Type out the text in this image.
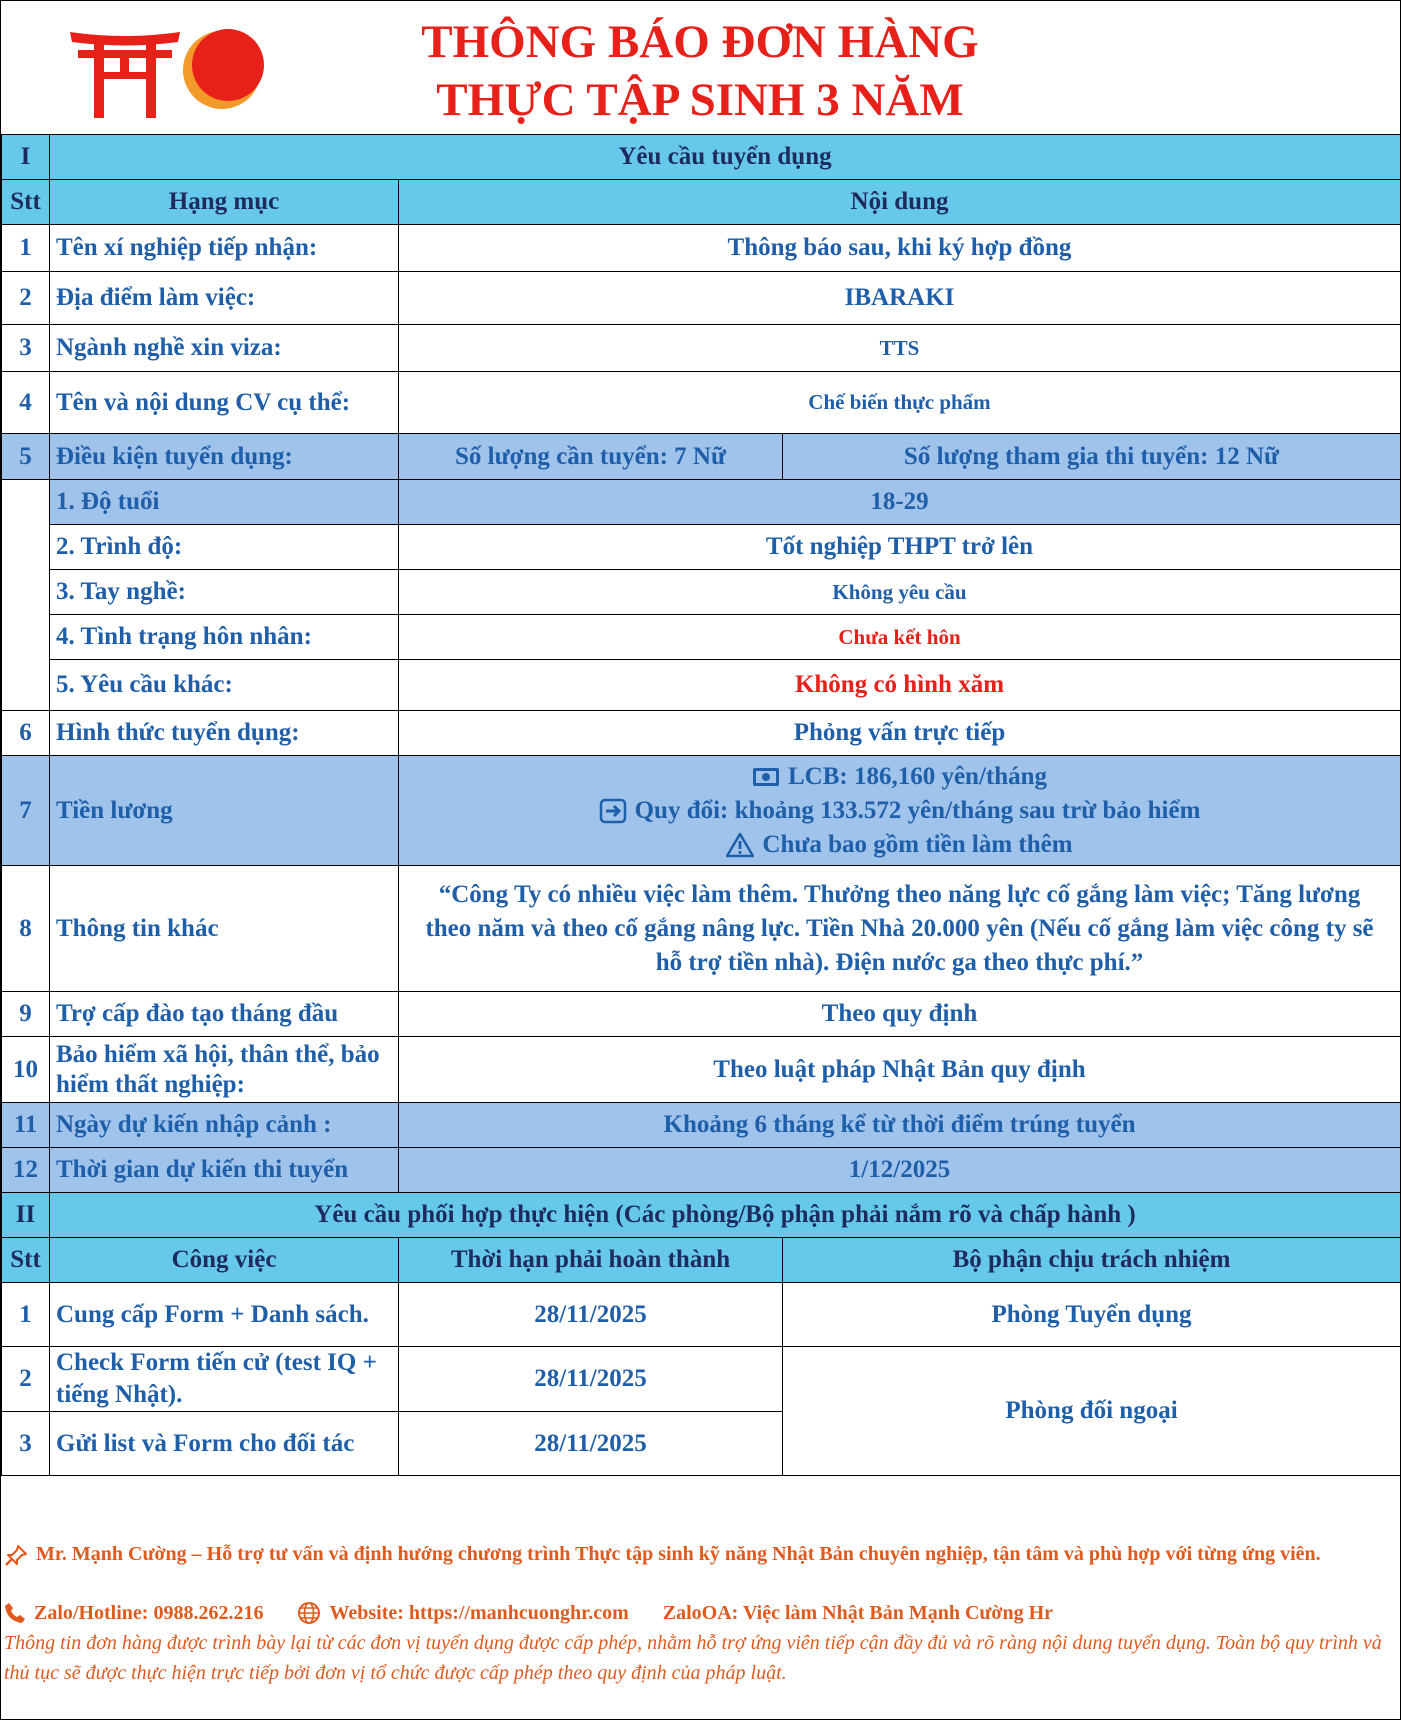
THÔNG BÁO ĐƠN HÀNG
THỰC TẬP SINH 3 NĂM
I	Yêu cầu tuyển dụng		
Stt	Hạng mục	Nội dung	
1	Tên xí nghiệp tiếp nhận:	Thông báo sau, khi ký hợp đồng	
2	Địa điểm làm việc:	IBARAKI	
3	Ngành nghề xin viza:	TTS	
4	Tên và nội dung CV cụ thể:	Chế biến thực phẩm	
5	Điều kiện tuyển dụng:	Số lượng cần tuyển: 7 Nữ	Số lượng tham gia thi tuyển: 12 Nữ
	1. Độ tuổi	18-29	
	2. Trình độ:	Tốt nghiệp THPT trở lên	
	3. Tay nghề:	Không yêu cầu	
	4. Tình trạng hôn nhân:	Chưa kết hôn	
	5. Yêu cầu khác:	Không có hình xăm	
6	Hình thức tuyển dụng:	Phỏng vấn trực tiếp	
7	Tiền lương	LCB: 186,160 yên/tháng
Quy đổi: khoảng 133.572 yên/tháng sau trừ bảo hiểm
Chưa bao gồm tiền làm thêm	

8	Thông tin khác	“Công Ty có nhiều việc làm thêm. Thưởng theo năng lực cố gắng làm việc; Tăng lương theo năm và theo cố gắng nâng lực. Tiền Nhà 20.000 yên (Nếu cố gắng làm việc công ty sẽ hỗ trợ tiền nhà). Điện nước ga theo thực phí.”	
9	Trợ cấp đào tạo tháng đầu	Theo quy định	
10	Bảo hiểm xã hội, thân thể, bảo hiểm thất nghiệp:	Theo luật pháp Nhật Bản quy định	
11	Ngày dự kiến nhập cảnh :	Khoảng 6 tháng kể từ thời điểm trúng tuyển	
12	Thời gian dự kiến thi tuyển	1/12/2025	
II	Yêu cầu phối hợp thực hiện (Các phòng/Bộ phận phải nắm rõ và chấp hành )		
Stt	Công việc	Thời hạn phải hoàn thành	Bộ phận chịu trách nhiệm
1	Cung cấp Form + Danh sách.	28/11/2025	Phòng Tuyển dụng
2	Check Form tiến cử (test IQ + tiếng Nhật).	28/11/2025	Phòng đối ngoại
3	Gửi list và Form cho đối tác	28/11/2025	
Mr. Mạnh Cường – Hỗ trợ tư vấn và định hướng chương trình Thực tập sinh kỹ năng Nhật Bản chuyên nghiệp, tận tâm và phù hợp với từng ứng viên.
Zalo/Hotline: 0988.262.216	Website: https://manhcuonghr.com ZaloOA: Việc làm Nhật Bản Mạnh Cường Hr
Thông tin đơn hàng được trình bày lại từ các đơn vị tuyển dụng được cấp phép, nhằm hỗ trợ ứng viên tiếp cận đầy đủ và rõ ràng nội dung tuyển dụng. Toàn bộ quy trình và thủ tục sẽ được thực hiện trực tiếp bởi đơn vị tổ chức được cấp phép theo quy định của pháp luật.
